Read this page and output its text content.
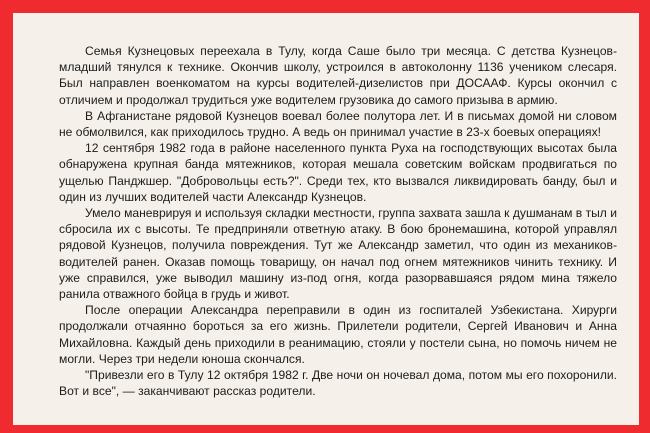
Семья Кузнецовых переехала в Тулу, когда Саше было три месяца. С детства Кузнецов-младший тянулся к технике. Окончив школу, устроился в автоколонну 1136 учеником слесаря. Был направлен военкоматом на курсы водителей-дизелистов при ДОСААФ. Курсы окончил с отличием и продолжал трудиться уже водителем грузовика до самого призыва в армию.

В Афганистане рядовой Кузнецов воевал более полутора лет. И в письмах домой ни словом не обмолвился, как приходилось трудно. А ведь он принимал участие в 23-х боевых операциях!

12 сентября 1982 года в районе населенного пункта Руха на господствующих высотах была обнаружена крупная банда мятежников, которая мешала советским войскам продвигаться по ущелью Панджшер. "Добровольцы есть?". Среди тех, кто вызвался ликвидировать банду, был и один из лучших водителей части Александр Кузнецов.

Умело маневрируя и используя складки местности, группа захвата зашла к душманам в тыл и сбросила их с высоты. Те предприняли ответную атаку. В бою бронемашина, которой управлял рядовой Кузнецов, получила повреждения. Тут же Александр заметил, что один из механиков-водителей ранен. Оказав помощь товарищу, он начал под огнем мятежников чинить технику. И уже справился, уже выводил машину из-под огня, когда разорвавшаяся рядом мина тяжело ранила отважного бойца в грудь и живот.

После операции Александра переправили в один из госпиталей Узбекистана. Хирурги продолжали отчаянно бороться за его жизнь. Прилетели родители, Сергей Иванович и Анна Михайловна. Каждый день приходили в реанимацию, стояли у постели сына, но помочь ничем не могли. Через три недели юноша скончался.

"Привезли его в Тулу 12 октября 1982 г. Две ночи он ночевал дома, потом мы его похоронили. Вот и все", — заканчивают рассказ родители.
